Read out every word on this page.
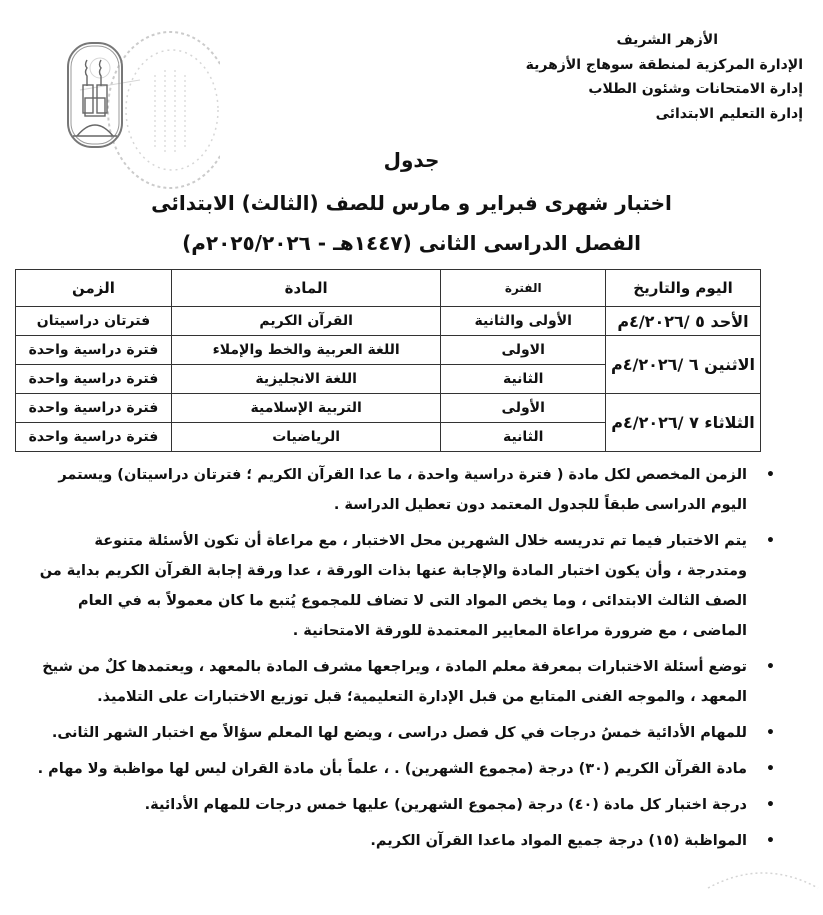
الأزهر الشريف
الإدارة المركزية لمنطقة سوهاج الأزهرية
إدارة الامتحانات وشئون الطلاب
إدارة التعليم الابتدائى
جدول
اختبار شهرى فبراير و مارس للصف (الثالث) الابتدائى
الفصل الدراسى الثانى (١٤٤٧هـ - ٢٠٢٥/٢٠٢٦م)
اليوم والتاريخ	الفترة	المادة	الزمن
الأحد ٥ /٤/٢٠٢٦م	الأولى والثانية	القرآن الكريم	فترتان دراسيتان
الاثنين ٦ /٤/٢٠٢٦م	الاولى	اللغة العربية والخط والإملاء	فترة دراسية واحدة
	الثانية	اللغة الانجليزية	فترة دراسية واحدة
الثلاثاء ٧ /٤/٢٠٢٦م	الأولى	التربية الإسلامية	فترة دراسية واحدة
	الثانية	الرياضيات	فترة دراسية واحدة
•
الزمن المخصص لكل مادة ( فترة دراسية واحدة ، ما عدا القرآن الكريم ؛ فترتان دراسيتان) ويستمر اليوم الدراسى طبقاً للجدول المعتمد دون تعطيل الدراسة .
•
يتم الاختبار فيما تم تدريسه خلال الشهرين محل الاختبار ، مع مراعاة أن تكون الأسئلة متنوعة ومتدرجة ، وأن يكون اختبار المادة والإجابة عنها بذات الورقة ، عدا ورقة إجابة القرآن الكريم بداية من الصف الثالث الابتدائى ، وما يخص المواد التى لا تضاف للمجموع يُتبع ما كان معمولاً به في العام الماضى ، مع ضرورة مراعاة المعايير المعتمدة للورقة الامتحانية .
•
توضع أسئلة الاختبارات بمعرفة معلم المادة ، ويراجعها مشرف المادة بالمعهد ، ويعتمدها كلٌ من شيخ المعهد ، والموجه الفنى المتابع من قبل الإدارة التعليمية؛ قبل توزيع الاختبارات على التلاميذ.
•
للمهام الأدائية خمسُ درجات في كل فصل دراسى ، ويضع لها المعلم سؤالاً مع اختبار الشهر الثانى.
•
مادة القرآن الكريم (٣٠) درجة (مجموع الشهرين) . ، علماً بأن مادة القران ليس لها مواظبة ولا مهام .
•
درجة اختبار كل مادة (٤٠) درجة (مجموع الشهرين) عليها خمس درجات للمهام الأدائية.
•
المواظبة (١٥) درجة جميع المواد ماعدا القرآن الكريم.
